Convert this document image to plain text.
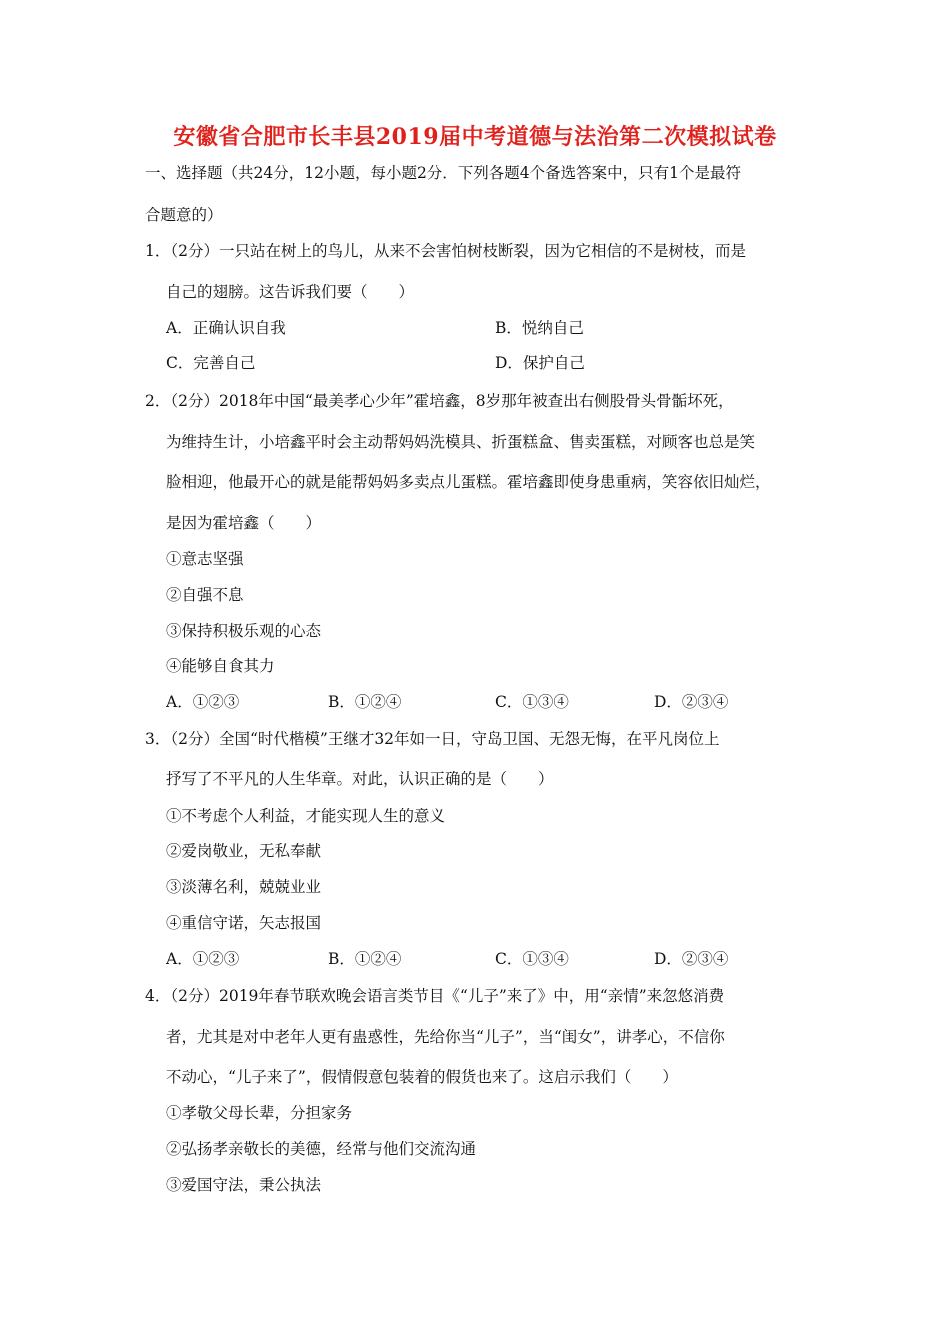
安徽省合肥市长丰县2019届中考道德与法治第二次模拟试卷
一、选择题（共24分，12小题，每小题2分．下列各题4个备选答案中，只有1个是最符
合题意的）
1．（2分）一只站在树上的鸟儿，从来不会害怕树枝断裂，因为它相信的不是树枝，而是
自己的翅膀。这告诉我们要（　　）
A．正确认识自我	B．悦纳自己
C．完善自己	D．保护自己
2．（2分）2018年中国“最美孝心少年”霍培鑫，8岁那年被查出右侧股骨头骨骺坏死，
为维持生计，小培鑫平时会主动帮妈妈洗模具、折蛋糕盒、售卖蛋糕，对顾客也总是笑
脸相迎，他最开心的就是能帮妈妈多卖点儿蛋糕。霍培鑫即使身患重病，笑容依旧灿烂，
是因为霍培鑫（　　）
①意志坚强
②自强不息
③保持积极乐观的心态
④能够自食其力
A．①②③	B．①②④	C．①③④	D．②③④
3．（2分）全国“时代楷模”王继才32年如一日，守岛卫国、无怨无悔，在平凡岗位上
抒写了不平凡的人生华章。对此，认识正确的是（　　）
①不考虑个人利益，才能实现人生的意义
②爱岗敬业，无私奉献
③淡薄名利，兢兢业业
④重信守诺，矢志报国
A．①②③	B．①②④	C．①③④	D．②③④
4．（2分）2019年春节联欢晚会语言类节目《“儿子”来了》中，用“亲情”来忽悠消费
者，尤其是对中老年人更有蛊惑性，先给你当“儿子”，当“闺女”，讲孝心，不信你
不动心，“儿子来了”，假情假意包装着的假货也来了。这启示我们（　　）
①孝敬父母长辈，分担家务
②弘扬孝亲敬长的美德，经常与他们交流沟通
③爱国守法，秉公执法
